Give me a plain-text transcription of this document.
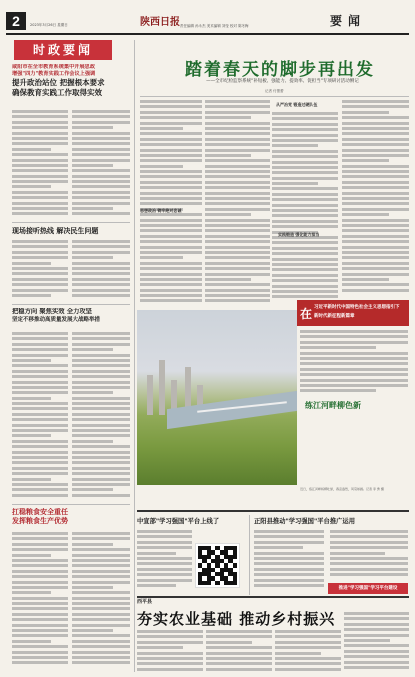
2	2023年3月26日 星期日	陕西日报 责任编辑 孙永杰 美术编辑 刘莹 校对 陈冬梅	要闻
时政要闻
咸阳市在全市教育系统集中开展思政
增强"四力"教育实践工作会议上强调
提升政治站位 把握根本要求
确保教育实践工作取得实效
现场接听热线 解决民生问题
把稳方向 聚焦实效 全力攻坚
坚定不移推动高质量发展大战略举措
扛稳粮食安全重任
发挥粮食生产优势
踏着春天的脚步再出发
——全市纪检监察系统"补短板、强能力、提效率、促担当"专项研讨活动侧记
记者 付蕾蕾
思想政治 铸牢绝对忠诚
从严治党 锻造过硬队伍
实践锻造 强化能力担当
在 习近平新时代中国特色社会主义思想指引下
新时代新征程新篇章
练江河畔柳色新
近日，练江河畔杨柳吐绿，春意盎然，风景如画。记者 李 勇 摄
中宣部"学习强国"平台上线了	正阳县推动"学习强国"平台推广运用
推进"学习强国"学习平台建设
西平县
夯实农业基础 推动乡村振兴
